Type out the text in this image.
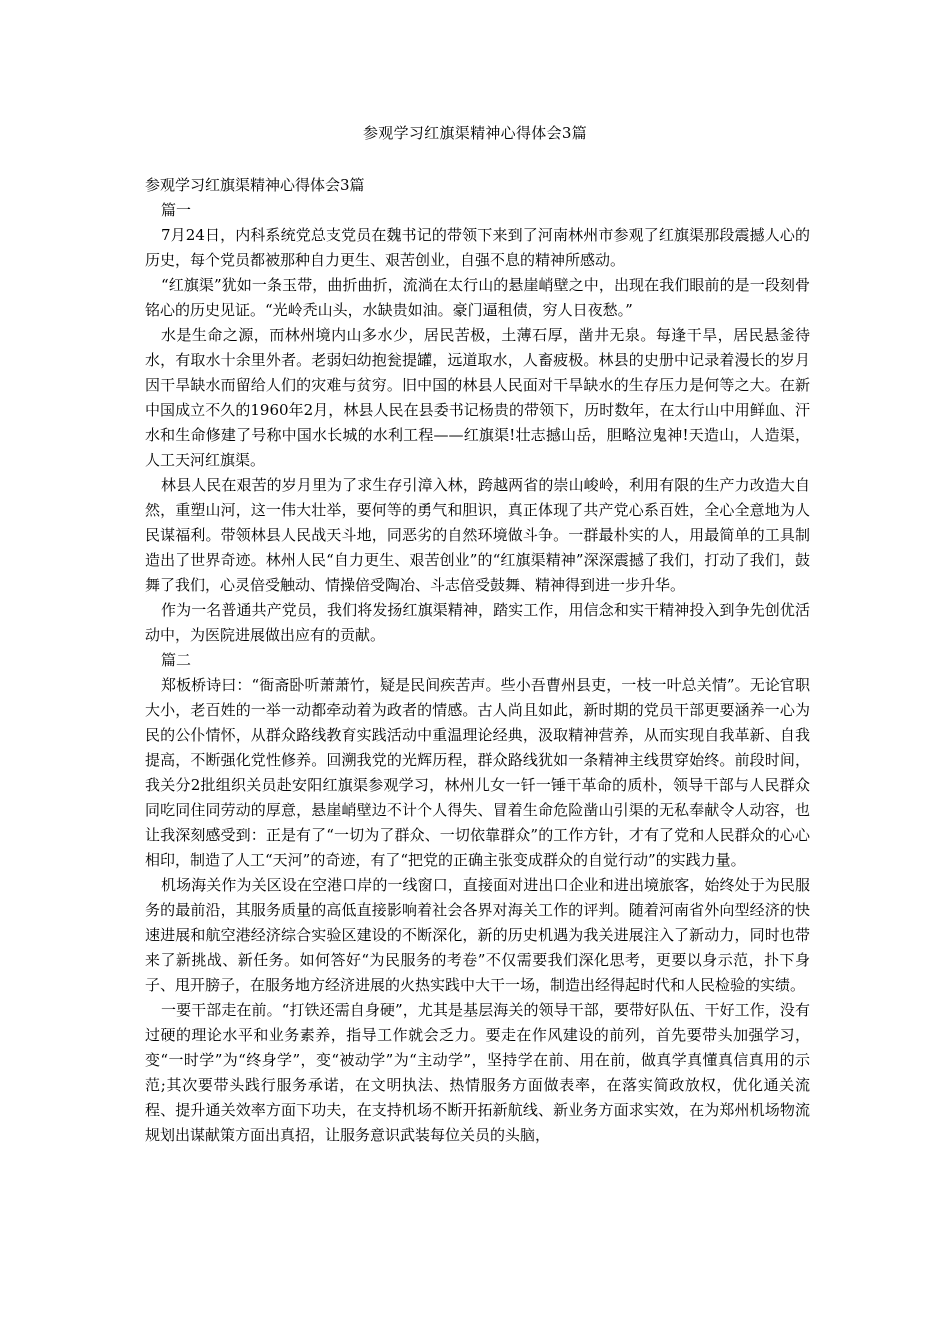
参观学习红旗渠精神心得体会3篇

参观学习红旗渠精神心得体会3篇

篇一

7月24日，内科系统党总支党员在魏书记的带领下来到了河南林州市参观了红旗渠那段震撼人心的历史，每个党员都被那种自力更生、艰苦创业，自强不息的精神所感动。

“红旗渠”犹如一条玉带，曲折曲折，流淌在太行山的悬崖峭壁之中，出现在我们眼前的是一段刻骨铭心的历史见证。“光岭秃山头，水缺贵如油。豪门逼租债，穷人日夜愁。”

水是生命之源，而林州境内山多水少，居民苦极，土薄石厚，凿井无泉。每逢干旱，居民悬釜待水，有取水十余里外者。老弱妇幼抱瓮提罐，远道取水，人畜疲极。林县的史册中记录着漫长的岁月因干旱缺水而留给人们的灾难与贫穷。旧中国的林县人民面对干旱缺水的生存压力是何等之大。在新中国成立不久的1960年2月，林县人民在县委书记杨贵的带领下，历时数年，在太行山中用鲜血、汗水和生命修建了号称中国水长城的水利工程——红旗渠!壮志撼山岳，胆略泣鬼神!天造山，人造渠，人工天河红旗渠。

林县人民在艰苦的岁月里为了求生存引漳入林，跨越两省的崇山峻岭，利用有限的生产力改造大自然，重塑山河，这一伟大壮举，要何等的勇气和胆识，真正体现了共产党心系百姓，全心全意地为人民谋福利。带领林县人民战天斗地，同恶劣的自然环境做斗争。一群最朴实的人，用最简单的工具制造出了世界奇迹。林州人民“自力更生、艰苦创业”的“红旗渠精神”深深震撼了我们，打动了我们，鼓舞了我们，心灵倍受触动、情操倍受陶冶、斗志倍受鼓舞、精神得到进一步升华。

作为一名普通共产党员，我们将发扬红旗渠精神，踏实工作，用信念和实干精神投入到争先创优活动中，为医院进展做出应有的贡献。

篇二

郑板桥诗曰：“衙斋卧听萧萧竹，疑是民间疾苦声。些小吾曹州县吏，一枝一叶总关情”。无论官职大小，老百姓的一举一动都牵动着为政者的情感。古人尚且如此，新时期的党员干部更要涵养一心为民的公仆情怀，从群众路线教育实践活动中重温理论经典，汲取精神营养，从而实现自我革新、自我提高，不断强化党性修养。回溯我党的光辉历程，群众路线犹如一条精神主线贯穿始终。前段时间，我关分2批组织关员赴安阳红旗渠参观学习，林州儿女一钎一锤干革命的质朴，领导干部与人民群众同吃同住同劳动的厚意，悬崖峭壁边不计个人得失、冒着生命危险凿山引渠的无私奉献令人动容，也让我深刻感受到：正是有了“一切为了群众、一切依靠群众”的工作方针，才有了党和人民群众的心心相印，制造了人工“天河”的奇迹，有了“把党的正确主张变成群众的自觉行动”的实践力量。

机场海关作为关区设在空港口岸的一线窗口，直接面对进出口企业和进出境旅客，始终处于为民服务的最前沿，其服务质量的高低直接影响着社会各界对海关工作的评判。随着河南省外向型经济的快速进展和航空港经济综合实验区建设的不断深化，新的历史机遇为我关进展注入了新动力，同时也带来了新挑战、新任务。如何答好“为民服务的考卷”不仅需要我们深化思考，更要以身示范，扑下身子、甩开膀子，在服务地方经济进展的火热实践中大干一场，制造出经得起时代和人民检验的实绩。

一要干部走在前。“打铁还需自身硬”，尤其是基层海关的领导干部，要带好队伍、干好工作，没有过硬的理论水平和业务素养，指导工作就会乏力。要走在作风建设的前列，首先要带头加强学习，变“一时学”为“终身学”，变“被动学”为“主动学”，坚持学在前、用在前，做真学真懂真信真用的示范;其次要带头践行服务承诺，在文明执法、热情服务方面做表率，在落实简政放权，优化通关流程、提升通关效率方面下功夫，在支持机场不断开拓新航线、新业务方面求实效，在为郑州机场物流规划出谋献策方面出真招，让服务意识武装每位关员的头脑，
